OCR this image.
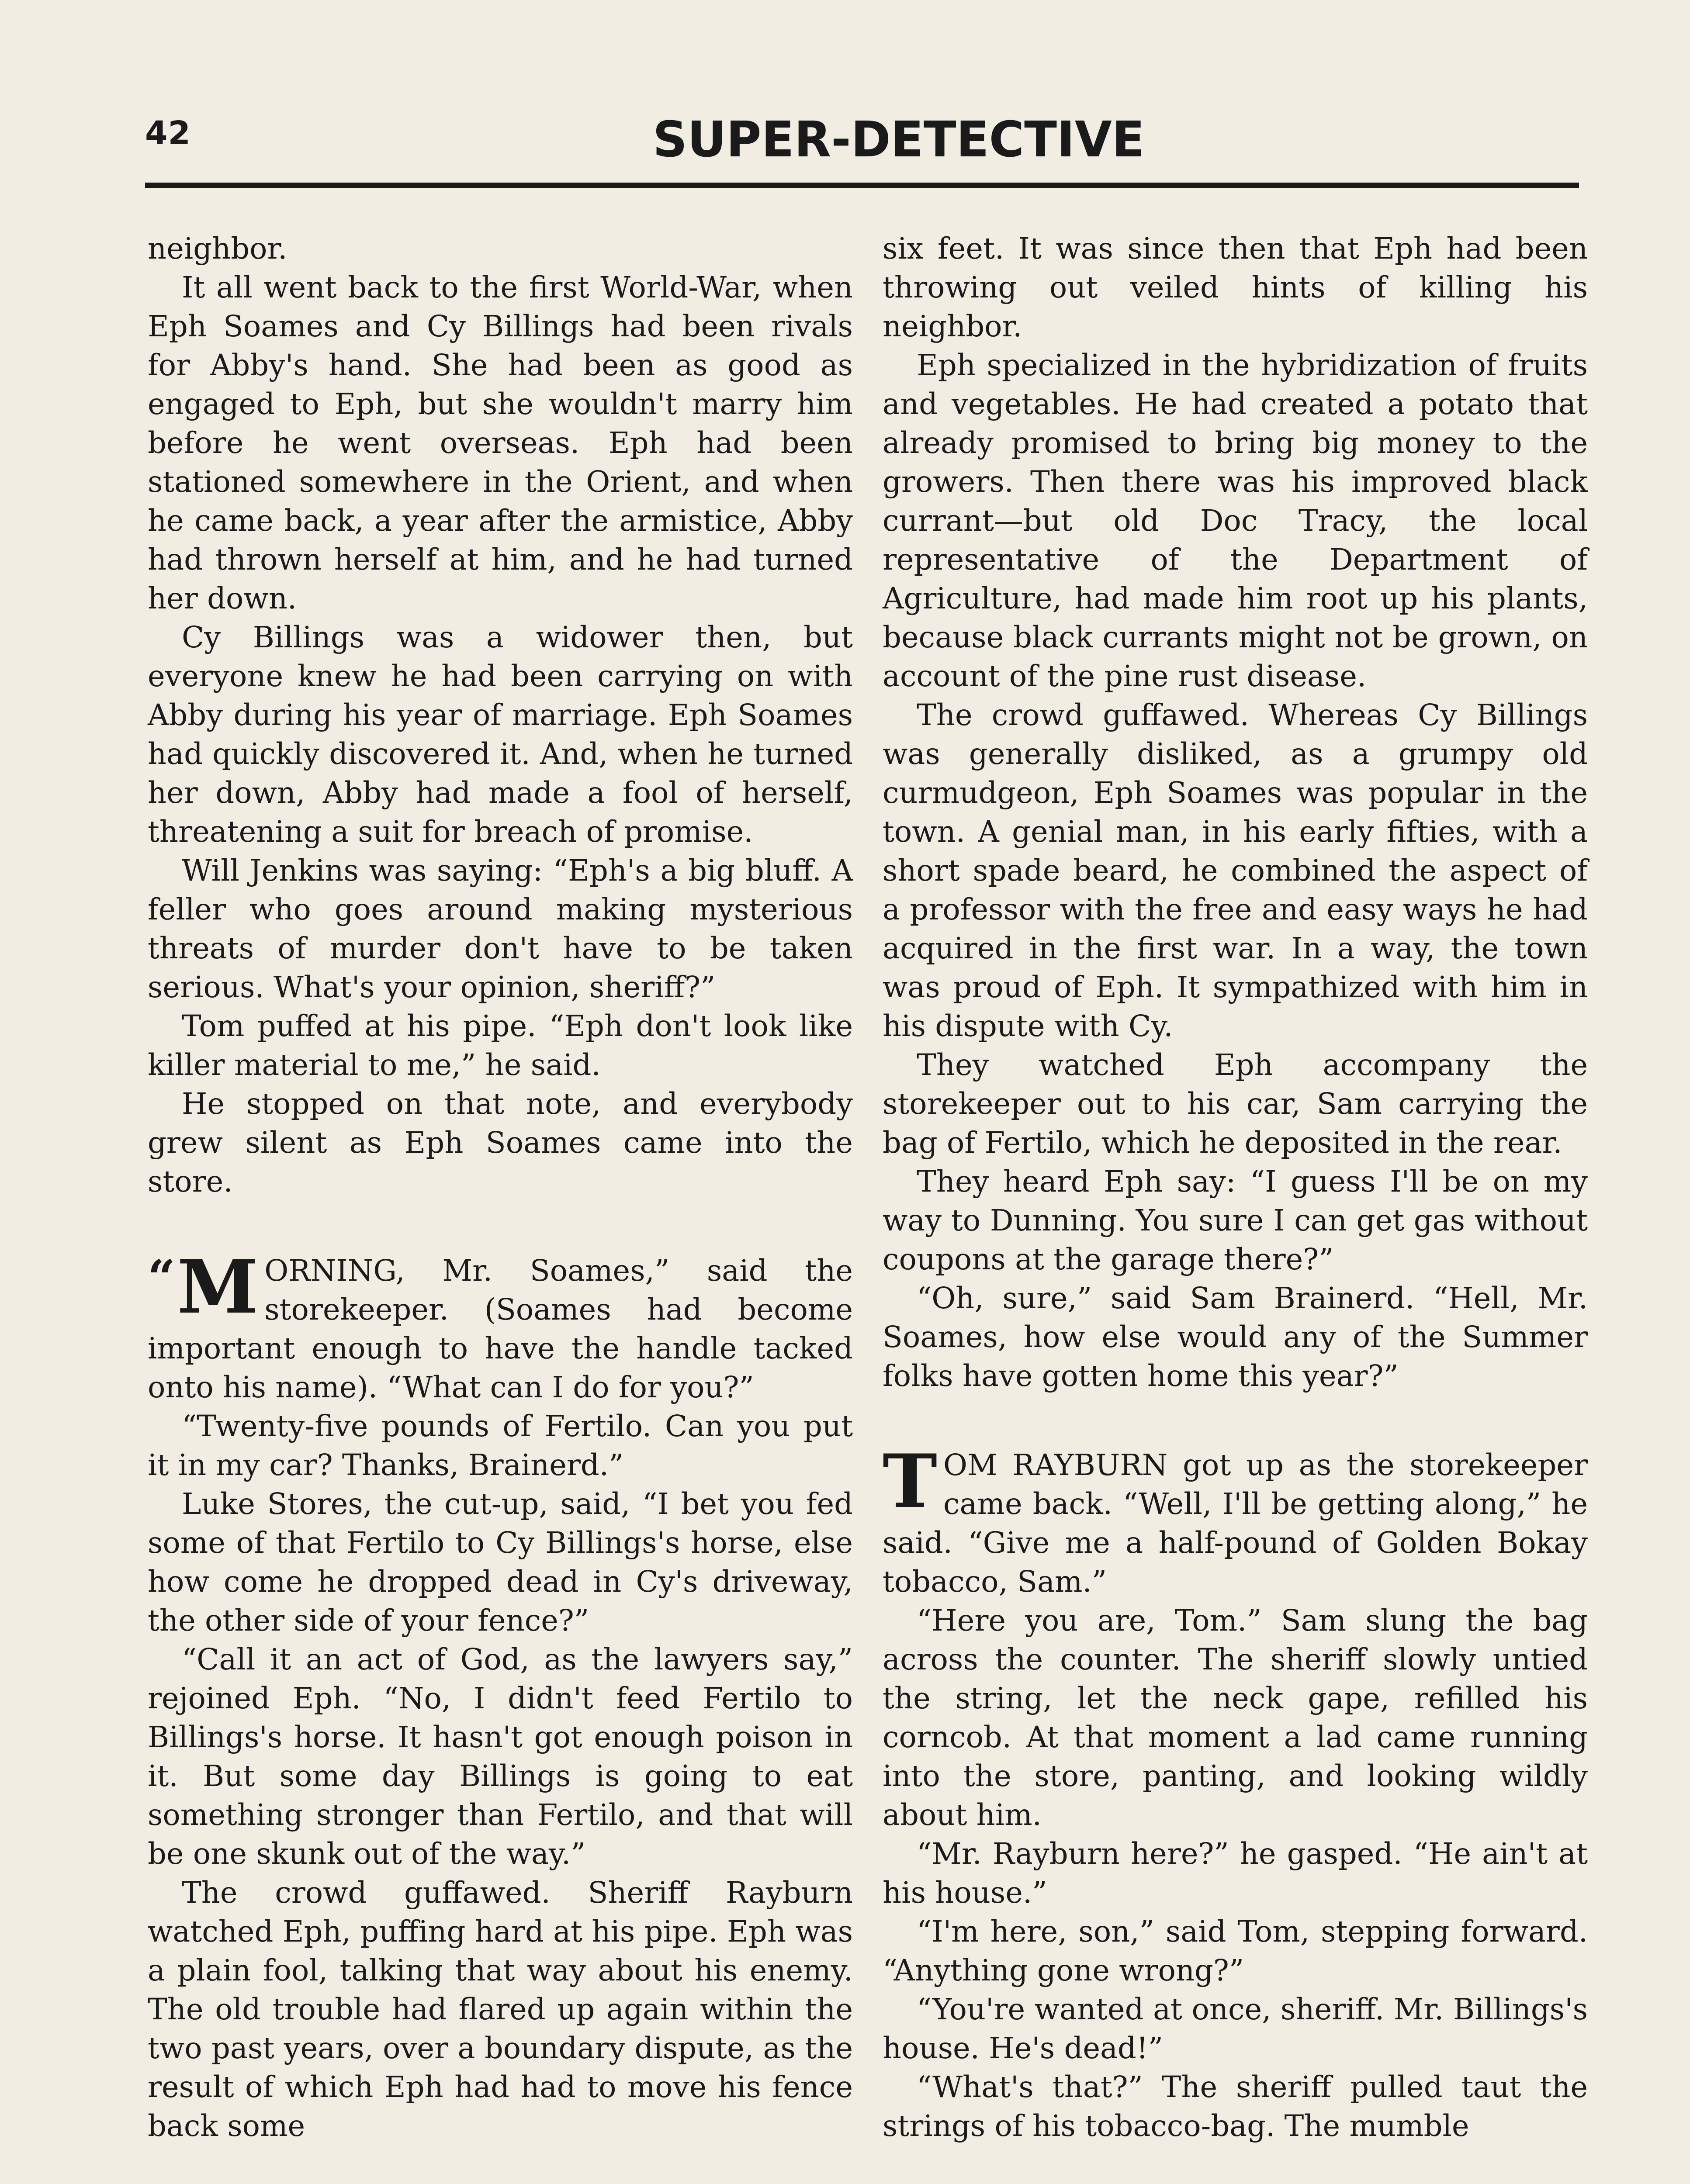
42	SUPER-DETECTIVE

neighbor.

It all went back to the first World-War, when Eph Soames and Cy Billings had been rivals for Abby's hand. She had been as good as engaged to Eph, but she wouldn't marry him before he went overseas. Eph had been stationed somewhere in the Orient, and when he came back, a year after the armistice, Abby had thrown herself at him, and he had turned her down.

Cy Billings was a widower then, but everyone knew he had been carrying on with Abby during his year of marriage. Eph Soames had quickly discovered it. And, when he turned her down, Abby had made a fool of herself, threatening a suit for breach of promise.

Will Jenkins was saying: “Eph's a big bluff. A feller who goes around making mysterious threats of murder don't have to be taken serious. What's your opinion, sheriff?”

Tom puffed at his pipe. “Eph don't look like killer material to me,” he said.

He stopped on that note, and everybody grew silent as Eph Soames came into the store.

“ M ORNING, Mr. Soames,” said the storekeeper. (Soames had become important enough to have the handle tacked onto his name). “What can I do for you?”

“Twenty-five pounds of Fertilo. Can you put it in my car? Thanks, Brainerd.”

Luke Stores, the cut-up, said, “I bet you fed some of that Fertilo to Cy Billings's horse, else how come he dropped dead in Cy's driveway, the other side of your fence?”

“Call it an act of God, as the lawyers say,” rejoined Eph. “No, I didn't feed Fertilo to Billings's horse. It hasn't got enough poison in it. But some day Billings is going to eat something stronger than Fertilo, and that will be one skunk out of the way.”

The crowd guffawed. Sheriff Rayburn watched Eph, puffing hard at his pipe. Eph was a plain fool, talking that way about his enemy. The old trouble had flared up again within the two past years, over a boundary dispute, as the result of which Eph had had to move his fence back some

six feet. It was since then that Eph had been throwing out veiled hints of killing his neighbor.

Eph specialized in the hybridization of fruits and vegetables. He had created a potato that already promised to bring big money to the growers. Then there was his improved black currant—but old Doc Tracy, the local representative of the Department of Agriculture, had made him root up his plants, because black currants might not be grown, on account of the pine rust disease.

The crowd guffawed. Whereas Cy Billings was generally disliked, as a grumpy old curmudgeon, Eph Soames was popular in the town. A genial man, in his early fifties, with a short spade beard, he combined the aspect of a professor with the free and easy ways he had acquired in the first war. In a way, the town was proud of Eph. It sympathized with him in his dispute with Cy.

They watched Eph accompany the storekeeper out to his car, Sam carrying the bag of Fertilo, which he deposited in the rear.

They heard Eph say: “I guess I'll be on my way to Dunning. You sure I can get gas without coupons at the garage there?”

“Oh, sure,” said Sam Brainerd. “Hell, Mr. Soames, how else would any of the Summer folks have gotten home this year?”

TOM RAYBURN got up as the storekeeper came back. “Well, I'll be getting along,” he said. “Give me a half-pound of Golden Bokay tobacco, Sam.”

“Here you are, Tom.” Sam slung the bag across the counter. The sheriff slowly untied the string, let the neck gape, refilled his corncob. At that moment a lad came running into the store, panting, and looking wildly about him.

“Mr. Rayburn here?” he gasped. “He ain't at his house.”

“I'm here, son,” said Tom, stepping forward. “Anything gone wrong?”

“You're wanted at once, sheriff. Mr. Billings's house. He's dead!”

“What's that?” The sheriff pulled taut the strings of his tobacco-bag. The mumble
